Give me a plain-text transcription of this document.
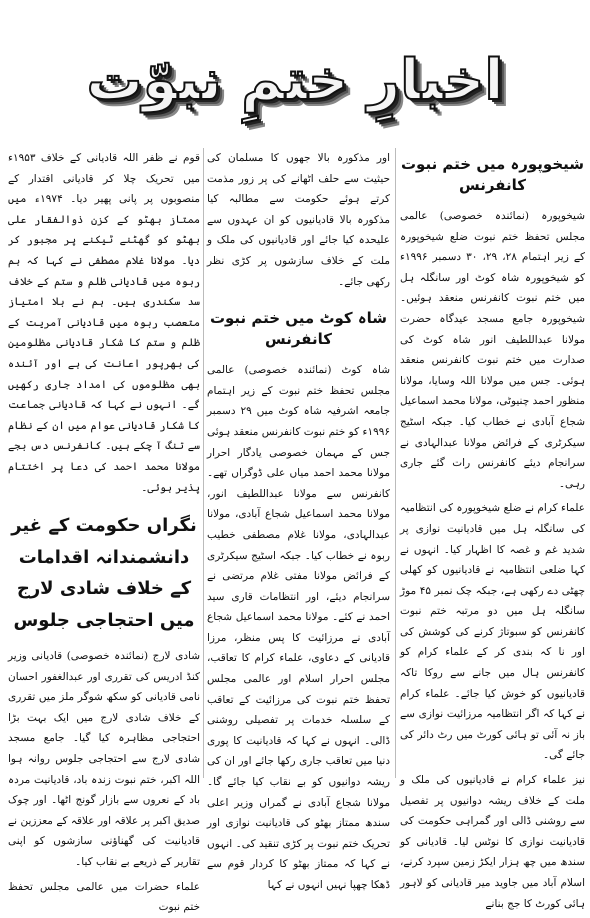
اخبارِ ختمِ نبوّت
شیخوپورہ میں ختم نبوت کانفرنس

شیخوپورہ (نمائندہ خصوصی) عالمی مجلس تحفظ ختم نبوت ضلع شیخوپورہ کے زیر اہتمام ۲۸، ۲۹، ۳۰ دسمبر ۱۹۹۶ء کو شیخوپورہ شاہ کوٹ اور سانگلہ ہل میں ختم نبوت کانفرنس منعقد ہوئیں۔ شیخوپورہ جامع مسجد عیدگاہ حضرت مولانا عبداللطیف انور شاہ کوٹ کی صدارت میں ختم نبوت کانفرنس منعقد ہوئی۔ جس میں مولانا اللہ وسایا، مولانا منظور احمد چنیوٹی، مولانا محمد اسماعیل شجاع آبادی نے خطاب کیا۔ جبکہ اسٹیج سیکرٹری کے فرائض مولانا عبدالہادی نے سرانجام دیئے کانفرنس رات گئے جاری رہی۔

علماء کرام نے ضلع شیخوپورہ کی انتظامیہ کی سانگلہ ہل میں قادیانیت نوازی پر شدید غم و غصہ کا اظہار کیا۔ انہوں نے کہا ضلعی انتظامیہ نے قادیانیوں کو کھلی چھٹی دے رکھی ہے، جبکہ چک نمبر ۴۵ موڑ سانگلہ ہل میں دو مرتبہ ختم نبوت کانفرنس کو سبوتاژ کرنے کی کوشش کی اور نا کہ بندی کر کے علماء کرام کو کانفرنس ہال میں جانے سے روکا تاکہ قادیانیوں کو خوش کیا جائے۔ علماء کرام نے کہا کہ اگر انتظامیہ مرزائیت نوازی سے باز نہ آئی تو ہائی کورٹ میں رٹ دائر کی جائے گی۔

نیز علماء کرام نے قادیانیوں کی ملک و ملت کے خلاف ریشہ دوانیوں پر تفصیل سے روشنی ڈالی اور گمراہی حکومت کی قادیانیت نوازی کا نوٹس لیا۔ قادیانی کو سندھ میں چھ ہزار ایکڑ زمین سپرد کرنے، اسلام آباد میں جاوید میر قادیانی کو لاہور ہائی کورٹ کا جج بنانے

اور مذکورہ بالا جھوں کا مسلمان کی حیثیت سے حلف اٹھانے کی پر زور مذمت کرتے ہوئے حکومت سے مطالبہ کیا مذکورہ بالا قادیانیوں کو ان عہدوں سے علیحدہ کیا جائے اور قادیانیوں کی ملک و ملت کے خلاف سازشوں پر کڑی نظر رکھی جائے۔

شاہ کوٹ میں ختم نبوت کانفرنس

شاہ کوٹ (نمائندہ خصوصی) عالمی مجلس تحفظ ختم نبوت کے زیر اہتمام جامعہ اشرفیہ شاہ کوٹ میں ۲۹ دسمبر ۱۹۹۶ء کو ختم نبوت کانفرنس منعقد ہوئی جس کے مہمان خصوصی یادگار احرار مولانا محمد احمد میاں علی ڈوگراں تھے۔ کانفرنس سے مولانا عبداللطیف انور، مولانا محمد اسماعیل شجاع آبادی، مولانا عبدالہادی، مولانا غلام مصطفی خطیب ربوہ نے خطاب کیا۔ جبکہ اسٹیج سیکرٹری کے فرائض مولانا مفتی غلام مرتضی نے سرانجام دیئے، اور انتظامات قاری سید احمد نے کئے۔ مولانا محمد اسماعیل شجاع آبادی نے مرزائیت کا پس منظر، مرزا قادیانی کے دعاوی، علماء کرام کا تعاقب، مجلس احرار اسلام اور عالمی مجلس تحفظ ختم نبوت کی مرزائیت کے تعاقب کے سلسلہ خدمات پر تفصیلی روشنی ڈالی۔ انہوں نے کہا کہ قادیانیت کا پوری دنیا میں تعاقب جاری رکھا جائے اور ان کی ریشہ دوانیوں کو بے نقاب کیا جائے گا۔ مولانا شجاع آبادی نے گمراں وزیر اعلی سندھ ممتاز بھٹو کی قادیانیت نوازی اور تحریک ختم نبوت پر کڑی تنقید کی۔ انہوں نے کہا کہ ممتاز بھٹو کا کردار قوم سے ڈھکا چھپا نہیں انہوں نے کہا

قوم نے ظفر اللہ قادیانی کے خلاف ۱۹۵۳ء میں تحریک چلا کر قادیانی اقتدار کے منصوبوں پر پانی پھیر دیا۔ ۱۹۷۴ء میں ممتاز بھٹو کے کزن ذوالفقار علی بھٹو کو گھٹنے ٹیکنے پر مجبور کر دیا۔ مولانا غلام مصطفی نے کہا کہ ہم ربوہ میں قادیانی ظلم و ستم کے خلاف سد سکندری ہیں۔ ہم نے بلا امتیاز متعصب ربوہ میں قادیانی آمریت کے ظلم و ستم کا شکار قادیانی مظلومین کی بھرپور اعانت کی ہے اور آئندہ بھی مظلوموں کی امداد جاری رکھیں گے۔ انہوں نے کہا کہ قادیانی جماعت کا شکار قادیانی عوام میں ان کے نظام سے تنگ آ چکے ہیں۔ کانفرنس دس بجے مولانا محمد احمد کی دعا پر اختتام پذیر ہوئی۔

نگراں حکومت کے غیر دانشمندانہ اقدامات کے خلاف شادی لارج میں احتجاجی جلوس

شادی لارج (نمائندہ خصوصی) قادیانی وزیر کنڈ ادریس کی تقرری اور عبدالغفور احسان نامی قادیانی کو سکھ شوگر ملز میں تقرری کے خلاف شادی لارج میں ایک بہت بڑا احتجاجی مظاہرہ کیا گیا۔ جامع مسجد شادی لارج سے احتجاجی جلوس روانہ ہوا اللہ اکبر، ختم نبوت زندہ باد، قادیانیت مردہ باد کے نعروں سے بازار گونج اٹھا۔ اور چوک صدیق اکبر پر علاقہ اور علاقہ کے معززین نے قادیانیت کی گھناؤنی سازشوں کو اپنی تقاریر کے ذریعے بے نقاب کیا۔

علماء حضرات میں عالمی مجلس تحفظ ختم نبوت
